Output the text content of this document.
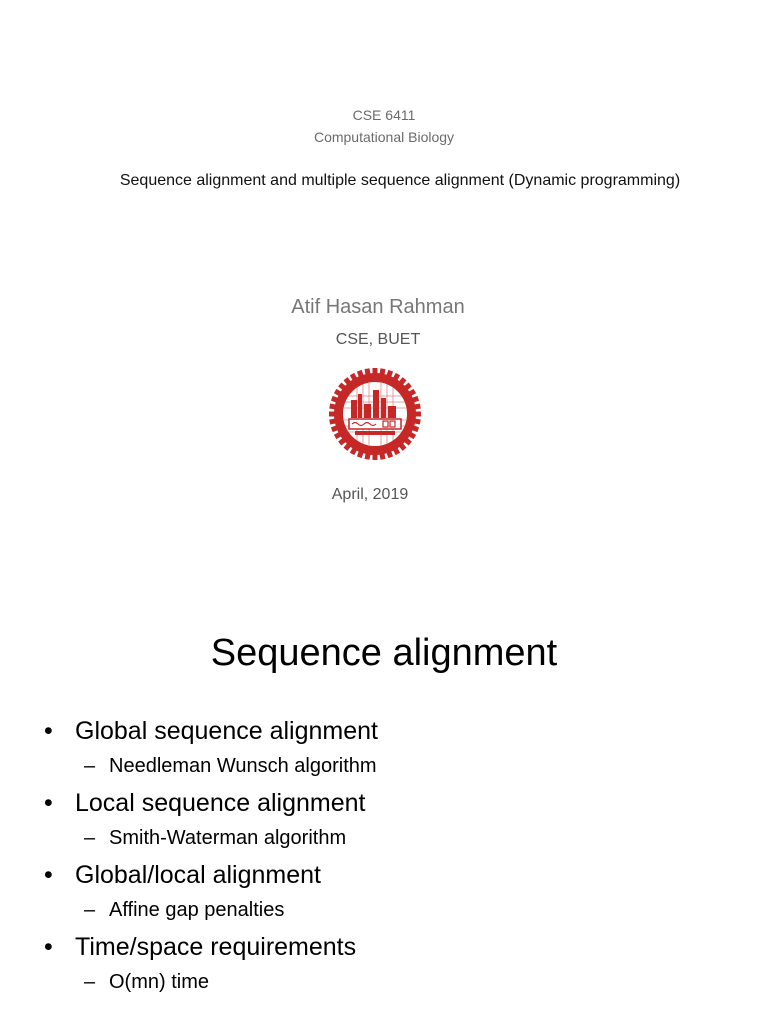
CSE 6411
Computational Biology
Sequence alignment and multiple sequence alignment (Dynamic programming)
Atif Hasan Rahman
CSE, BUET
April, 2019
Sequence alignment
• Global sequence alignment
– Needleman Wunsch algorithm
• Local sequence alignment
– Smith-Waterman algorithm
• Global/local alignment
– Affine gap penalties
• Time/space requirements
– O(mn) time
